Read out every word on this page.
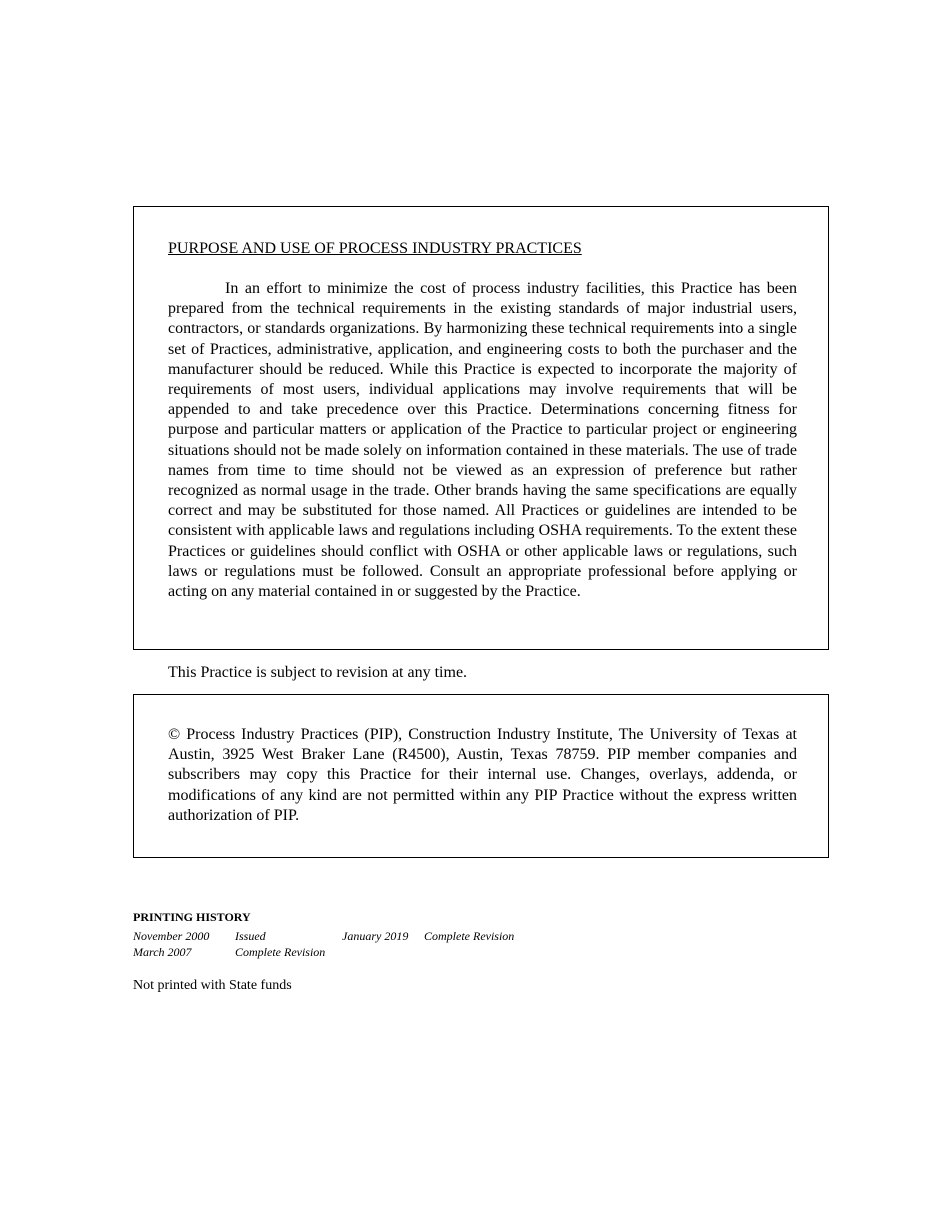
PURPOSE AND USE OF PROCESS INDUSTRY PRACTICES

In an effort to minimize the cost of process industry facilities, this Practice has been prepared from the technical requirements in the existing standards of major industrial users, contractors, or standards organizations. By harmonizing these technical requirements into a single set of Practices, administrative, application, and engineering costs to both the purchaser and the manufacturer should be reduced. While this Practice is expected to incorporate the majority of requirements of most users, individual applications may involve requirements that will be appended to and take precedence over this Practice. Determinations concerning fitness for purpose and particular matters or application of the Practice to particular project or engineering situations should not be made solely on information contained in these materials. The use of trade names from time to time should not be viewed as an expression of preference but rather recognized as normal usage in the trade. Other brands having the same specifications are equally correct and may be substituted for those named. All Practices or guidelines are intended to be consistent with applicable laws and regulations including OSHA requirements. To the extent these Practices or guidelines should conflict with OSHA or other applicable laws or regulations, such laws or regulations must be followed. Consult an appropriate professional before applying or acting on any material contained in or suggested by the Practice.

This Practice is subject to revision at any time.

© Process Industry Practices (PIP), Construction Industry Institute, The University of Texas at Austin, 3925 West Braker Lane (R4500), Austin, Texas 78759. PIP member companies and subscribers may copy this Practice for their internal use. Changes, overlays, addenda, or modifications of any kind are not permitted within any PIP Practice without the express written authorization of PIP.

PRINTING HISTORY
November 2000 Issued
March 2007	Complete Revision
January 2019 Complete Revision

Not printed with State funds
